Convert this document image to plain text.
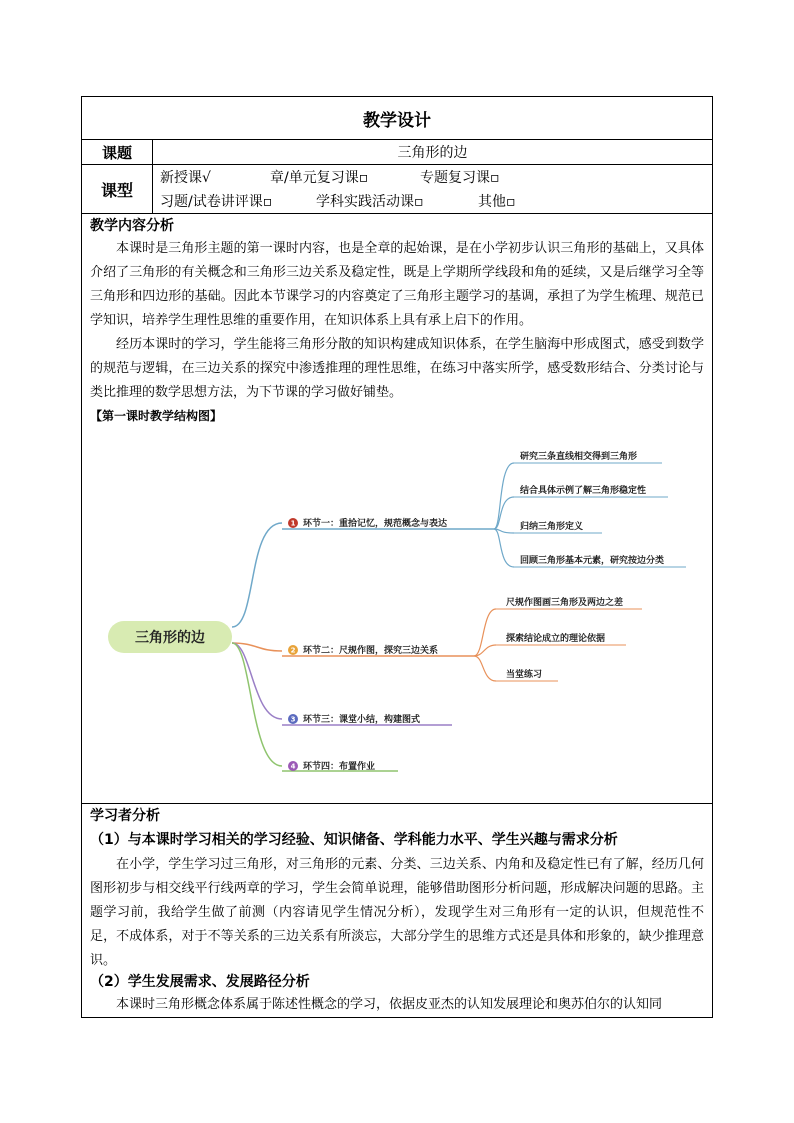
教学设计
课题	三角形的边
课型
新授课√	章/单元复习课▫	专题复习课▫
习题/试卷讲评课▫	学科实践活动课▫	其他▫
教学内容分析
本课时是三角形主题的第一课时内容，也是全章的起始课，是在小学初步认识三角形的基础上，又具体介绍了三角形的有关概念和三角形三边关系及稳定性，既是上学期所学线段和角的延续，又是后继学习全等三角形和四边形的基础。因此本节课学习的内容奠定了三角形主题学习的基调，承担了为学生梳理、规范已学知识，培养学生理性思维的重要作用，在知识体系上具有承上启下的作用。
经历本课时的学习，学生能将三角形分散的知识构建成知识体系，在学生脑海中形成图式，感受到数学的规范与逻辑，在三边关系的探究中渗透推理的理性思维，在练习中落实所学，感受数形结合、分类讨论与类比推理的数学思想方法，为下节课的学习做好铺垫。
【第一课时教学结构图】
三角形的边
1 环节一：重拾记忆，规范概念与表达
研究三条直线相交得到三角形
结合具体示例了解三角形稳定性
归纳三角形定义
回顾三角形基本元素，研究按边分类
2 环节二：尺规作图，探究三边关系
尺规作图画三角形及两边之差
探索结论成立的理论依据
当堂练习
3 环节三：课堂小结，构建图式
4 环节四：布置作业
学习者分析
（1）与本课时学习相关的学习经验、知识储备、学科能力水平、学生兴趣与需求分析
在小学，学生学习过三角形，对三角形的元素、分类、三边关系、内角和及稳定性已有了解，经历几何图形初步与相交线平行线两章的学习，学生会简单说理，能够借助图形分析问题，形成解决问题的思路。主题学习前，我给学生做了前测（内容请见学生情况分析），发现学生对三角形有一定的认识，但规范性不足，不成体系，对于不等关系的三边关系有所淡忘，大部分学生的思维方式还是具体和形象的，缺少推理意识。
（2）学生发展需求、发展路径分析
本课时三角形概念体系属于陈述性概念的学习，依据皮亚杰的认知发展理论和奥苏伯尔的认知同
